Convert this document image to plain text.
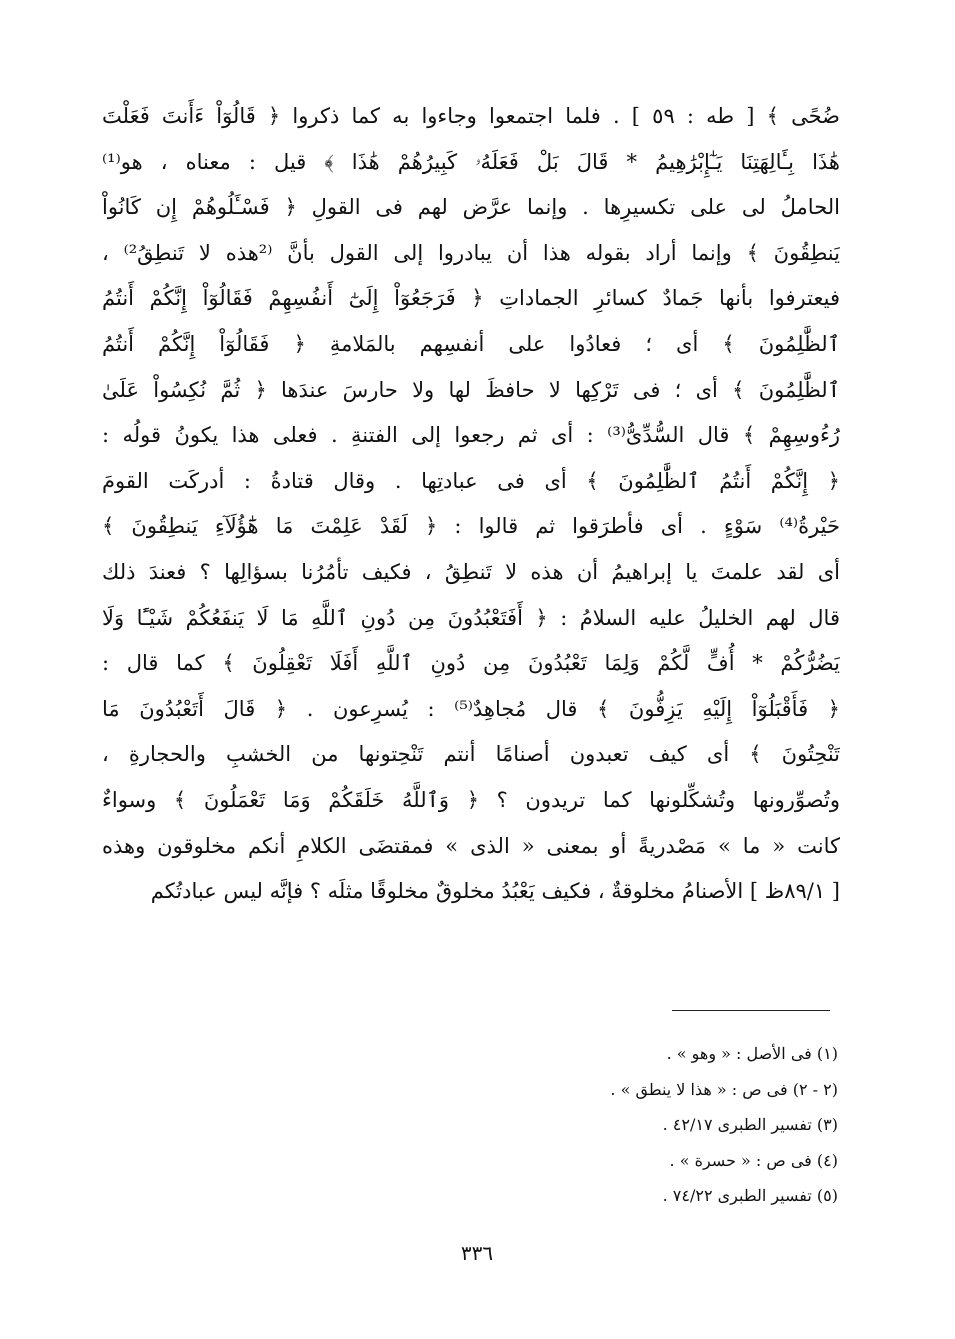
ضُحًى ﴾ [ طه : ٥٩ ] . فلما اجتمعوا وجاءوا به كما ذكروا ﴿ قَالُوٓاْ ءَأَنتَ فَعَلْتَ
هَٰذَا بِـَٔالِهَتِنَا يَـٰٓإِبْرَٰهِيمُ * قَالَ بَلْ فَعَلَهُۥ كَبِيرُهُمْ هَٰذَا ﴾ قيل : معناه ، هو⁽¹⁾
الحاملُ لى على تكسيرِها . وإنما عرَّض لهم فى القولِ ﴿ فَسْـَٔلُوهُمْ إِن كَانُواْ
يَنطِقُونَ ﴾ وإنما أراد بقوله هذا أن يبادروا إلى القول بأنَّ ⁽²هذه لا تَنطِقُ²⁾ ،
فيعترفوا بأنها جَمادٌ كسائرِ الجماداتِ ﴿ فَرَجَعُوٓاْ إِلَىٰٓ أَنفُسِهِمْ فَقَالُوٓاْ إِنَّكُمْ أَنتُمُ
ٱلظَّٰلِمُونَ ﴾ أى ؛ فعادُوا على أنفسِهم بالمَلامةِ ﴿ فَقَالُوٓاْ إِنَّكُمْ أَنتُمُ
ٱلظَّٰلِمُونَ ﴾ أى ؛ فى تَرْكِها لا حافظَ لها ولا حارسَ عندَها ﴿ ثُمَّ نُكِسُواْ عَلَىٰ
رُءُوسِهِمْ ﴾ قال السُّدِّىُّ⁽³⁾ : أى ثم رجعوا إلى الفتنةِ . فعلى هذا يكونُ قولُه :
﴿ إِنَّكُمْ أَنتُمُ ٱلظَّٰلِمُونَ ﴾ أى فى عبادتِها . وقال قتادةُ : أدركَت القومَ
حَيْرةُ⁽⁴⁾ سَوْءٍ . أى فأطرَقوا ثم قالوا : ﴿ لَقَدْ عَلِمْتَ مَا هَٰٓؤُلَآءِ يَنطِقُونَ ﴾
أى لقد علمتَ يا إبراهيمُ أن هذه لا تَنطِقُ ، فكيف تأمُرُنا بسؤالِها ؟ فعندَ ذلك
قال لهم الخليلُ عليه السلامُ : ﴿ أَفَتَعْبُدُونَ مِن دُونِ ٱللَّهِ مَا لَا يَنفَعُكُمْ شَيْـًٔا وَلَا
يَضُرُّكُمْ * أُفٍّ لَّكُمْ وَلِمَا تَعْبُدُونَ مِن دُونِ ٱللَّهِ أَفَلَا تَعْقِلُونَ ﴾ كما قال :
﴿ فَأَقْبَلُوٓاْ إِلَيْهِ يَزِفُّونَ ﴾ قال مُجاهِدٌ⁽⁵⁾ : يُسرِعون . ﴿ قَالَ أَتَعْبُدُونَ مَا
تَنْحِتُونَ ﴾ أى كيف تعبدون أصنامًا أنتم تَنْحِتونها من الخشبِ والحجارةِ ،
وتُصوِّرونها وتُشكِّلونها كما تريدون ؟ ﴿ وَٱللَّهُ خَلَقَكُمْ وَمَا تَعْمَلُونَ ﴾ وسواءٌ
كانت « ما » مَصْدريةً أو بمعنى « الذى » فمقتضَى الكلامِ أنكم مخلوقون وهذه
[ ٨٩/١ظ ] الأصنامُ مخلوقةٌ ، فكيف يَعْبُدُ مخلوقٌ مخلوقًا مثلَه ؟ فإنَّه ليس عبادتُكم
(١) فى الأصل : « وهو » .
(٢ - ٢) فى ص : « هذا لا ينطق » .
(٣) تفسير الطبرى ٤٢/١٧ .
(٤) فى ص : « حسرة » .
(٥) تفسير الطبرى ٧٤/٢٢ .
٣٣٦
